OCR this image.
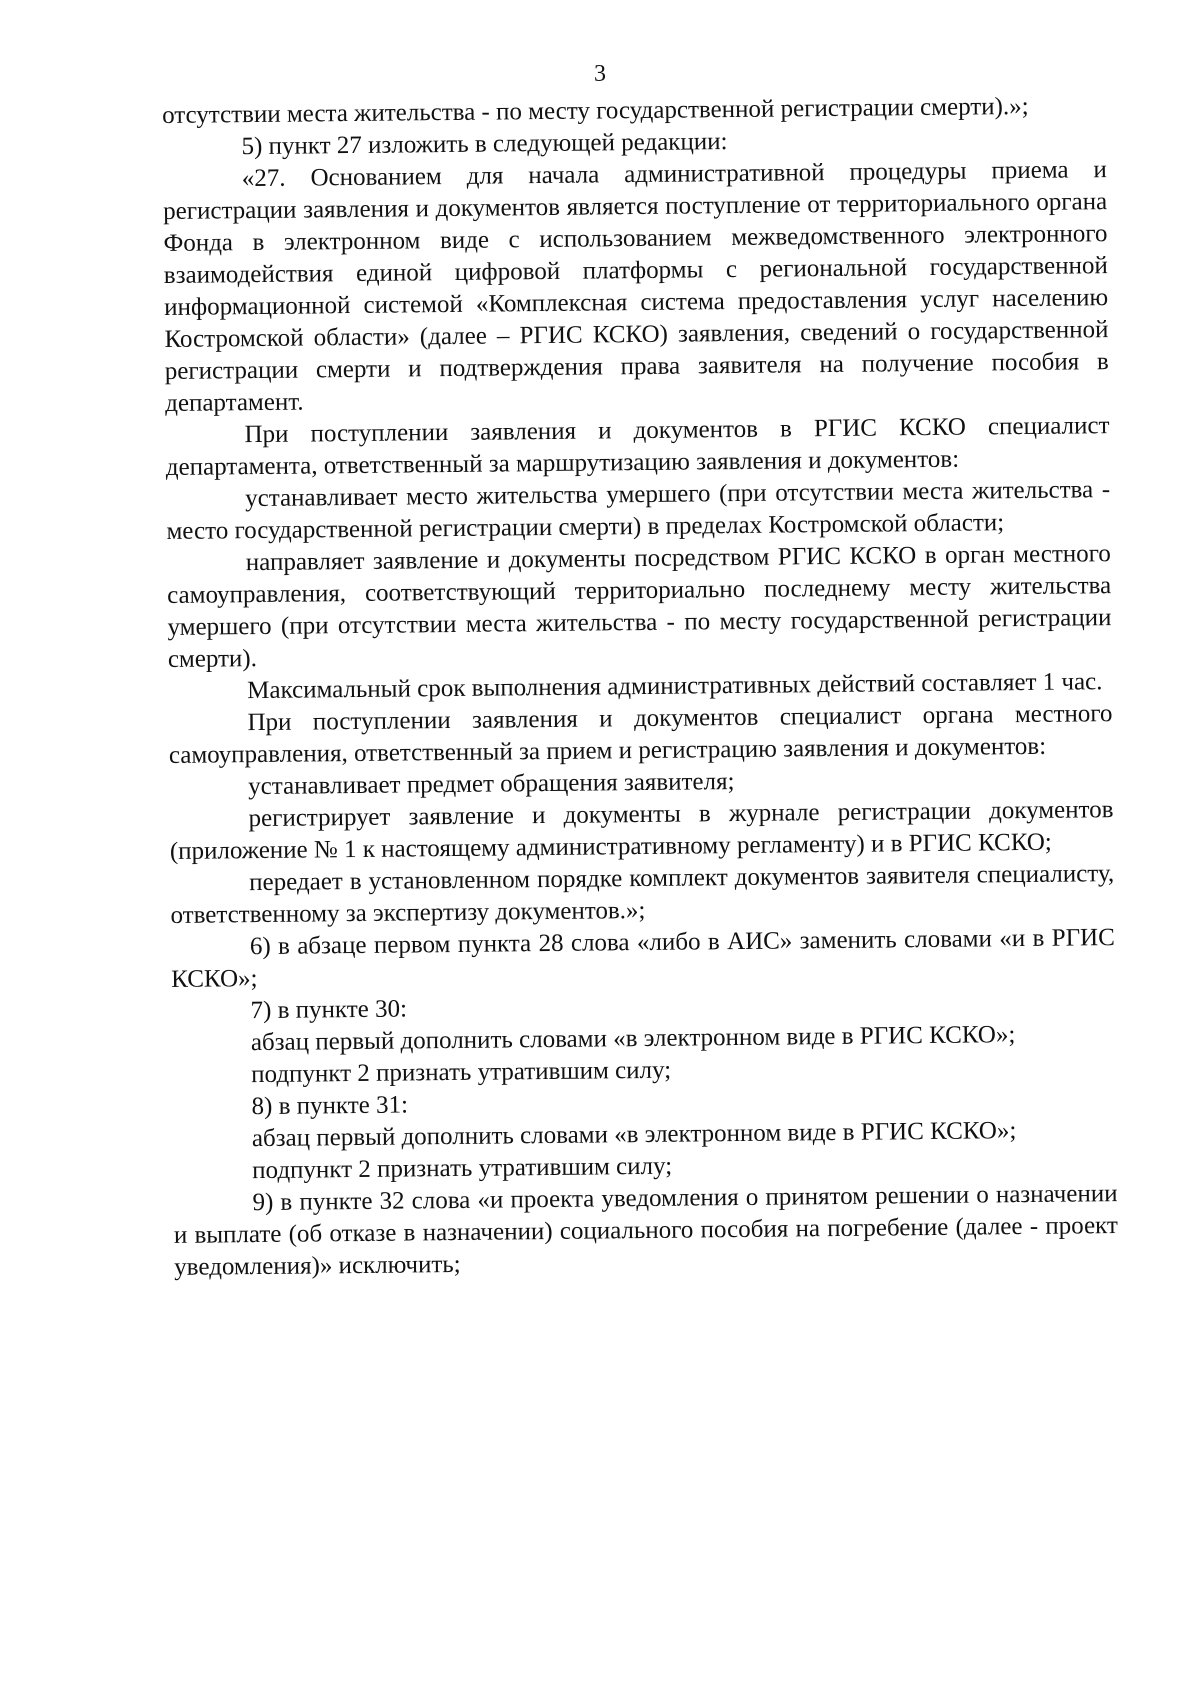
3

отсутствии места жительства - по месту государственной регистрации смерти).»;

5) пункт 27 изложить в следующей редакции:

«27. Основанием для начала административной процедуры приема и регистрации заявления и документов является поступление от территориального органа Фонда в электронном виде с использованием межведомственного электронного взаимодействия единой цифровой платформы с региональной государственной информационной системой «Комплексная система предоставления услуг населению Костромской области» (далее – РГИС КСКО) заявления, сведений о государственной регистрации смерти и подтверждения права заявителя на получение пособия в департамент.

При поступлении заявления и документов в РГИС КСКО специалист департамента, ответственный за маршрутизацию заявления и документов:

устанавливает место жительства умершего (при отсутствии места жительства - место государственной регистрации смерти) в пределах Костромской области;

направляет заявление и документы посредством РГИС КСКО в орган местного самоуправления, соответствующий территориально последнему месту жительства умершего (при отсутствии места жительства - по месту государственной регистрации смерти).

Максимальный срок выполнения административных действий составляет 1 час.

При поступлении заявления и документов специалист органа местного самоуправления, ответственный за прием и регистрацию заявления и документов:

устанавливает предмет обращения заявителя;

регистрирует заявление и документы в журнале регистрации документов (приложение № 1 к настоящему административному регламенту) и в РГИС КСКО;

передает в установленном порядке комплект документов заявителя специалисту, ответственному за экспертизу документов.»;

6) в абзаце первом пункта 28 слова «либо в АИС» заменить словами «и в РГИС КСКО»;

7) в пункте 30:

абзац первый дополнить словами «в электронном виде в РГИС КСКО»;

подпункт 2 признать утратившим силу;

8) в пункте 31:

абзац первый дополнить словами «в электронном виде в РГИС КСКО»;

подпункт 2 признать утратившим силу;

9) в пункте 32 слова «и проекта уведомления о принятом решении о назначении и выплате (об отказе в назначении) социального пособия на погребение (далее - проект уведомления)» исключить;
